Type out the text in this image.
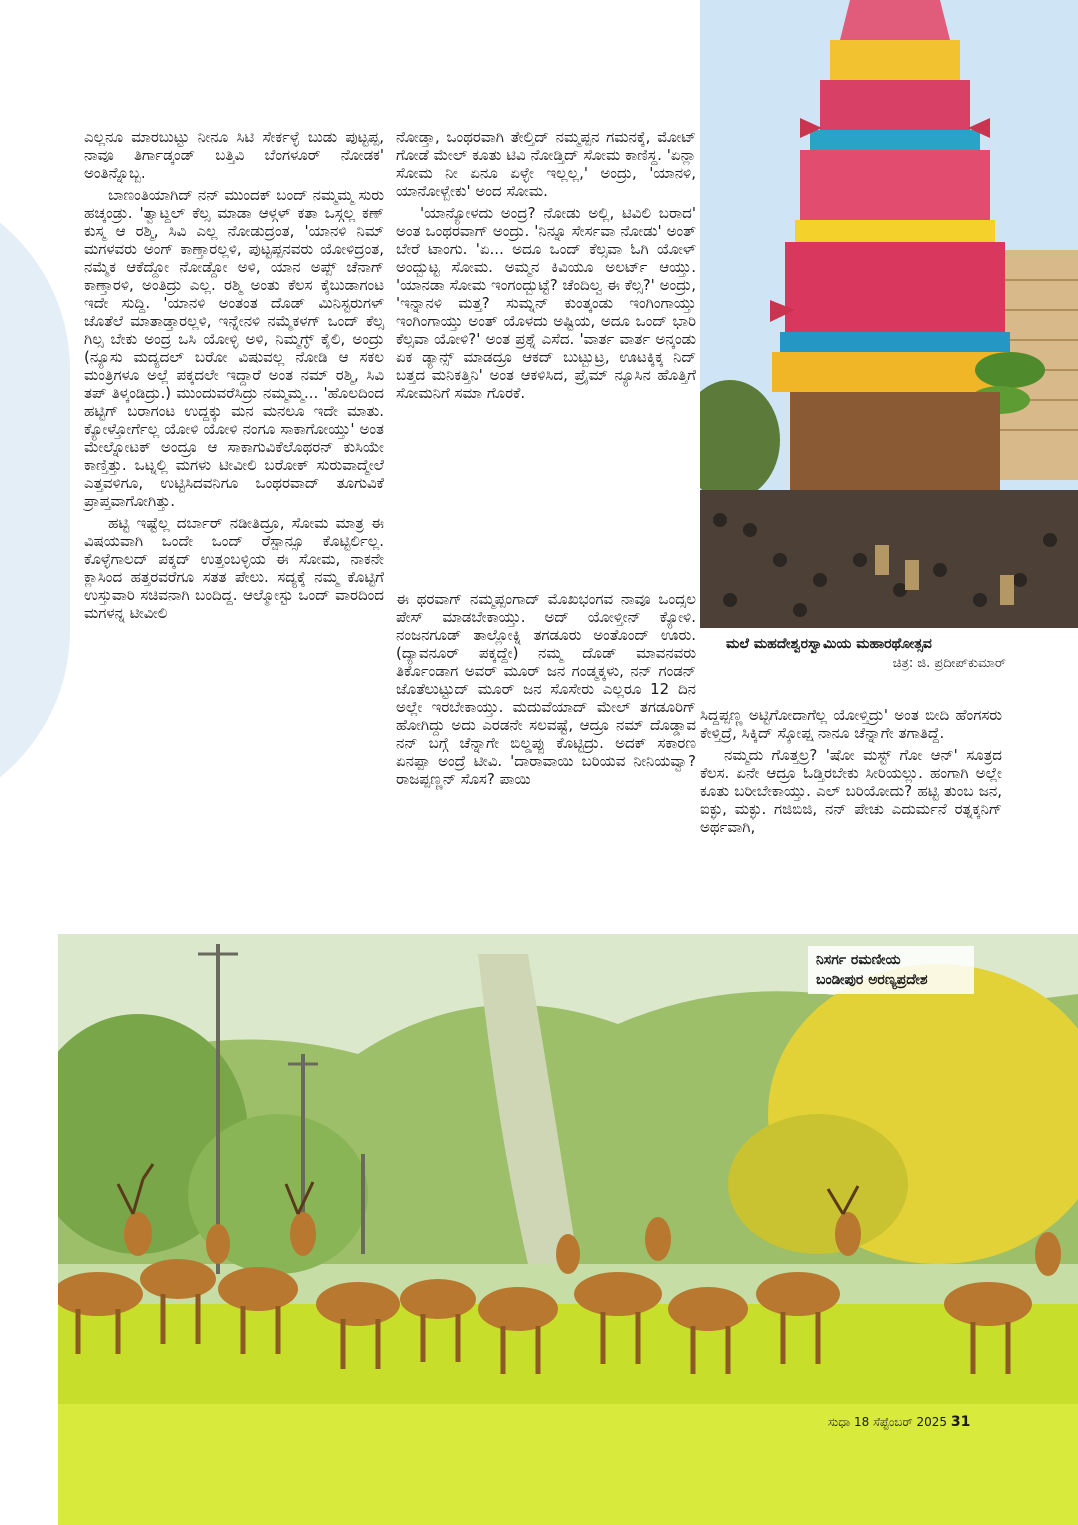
ಎಲ್ಲನೂ ಮಾರಬುಟ್ಟು ನೀನೂ ಸಿಟಿ ಸೇರ್ಕಳ್ಳೆ ಬುಡು ಪುಟ್ಟಪ್ಪ, ನಾವೂ ತಿರ್ಗಾಡ್ಕಂಡ್ ಬತ್ತಿವಿ ಬೆಂಗಳೂರ್ ನೋಡಕ' ಅಂತಿನ್ನೊಬ್ಬ.

ಬಾಣಂತಿಯಾಗಿದ್ ನನ್ ಮುಂದಕ್ ಬಂದ್ ನಮ್ಮಮ್ಮ ಸುರು ಹಚ್ಕಂಡ್ರು. 'ತ್ವಾಟ್ದಲ್ ಕೆಲ್ಸ ಮಾಡಾ ಆಳ್ಗಳ್ ಕತಾ ಒಸ್ಗಲ್ಲ ಕಣ್ ಕುಸ್ಮ ಆ ರಶ್ಮಿ, ಸಿವಿ ಎಲ್ಲ ನೋಡುದ್ರಂತ, 'ಯಾನಳಿ ನಿಮ್ ಮಗಳವರು ಅಂಗ್ ಕಾಣ್ತಾರಲ್ಲಳಿ, ಪುಟ್ಟಪ್ಪನವರು ಯೋಳಿದ್ರಂತ, ನಮ್ಮೆಕ ಆಕೆದ್ದೋ ನೋಡ್ದೋ ಅಳಿ, ಯಾನ ಅಪ್ಪ್ ಚೆನಾಗ್ ಕಾಣ್ತಾರಳಿ, ಅಂತಿದ್ರು ಎಲ್ಲ. ರಶ್ಮಿ ಅಂತು ಕೆಲಸ ಕೈಬುಡಾಗಂಟ ಇದೇ ಸುದ್ದಿ. 'ಯಾನಳಿ ಅಂತಂತ ದೊಡ್ ಮಿನಿಸ್ಟರುಗಳ್ ಜೊತೆಲೆ ಮಾತಾಡ್ತಾರಲ್ಲಳಿ, ಇನ್ನೇನಳಿ ನಮ್ಮೆಕಳಗ್ ಒಂದ್ ಕೆಲ್ಸ ಗಿಲ್ಸ ಬೇಕು ಅಂದ್ರ ಒಸಿ ಯೋಳ್ಳಿ ಅಳಿ, ನಿಮ್ಮಗ್ಳ್ ಕೈಲಿ, ಅಂದ್ರು (ನ್ಯೂಸು ಮದ್ಯದಲ್ ಬರೋ ವಿಷುವಲ್ಲ ನೋಡಿ ಆ ಸಕಲ ಮಂತ್ರಿಗಳೂ ಅಲ್ಲೆ ಪಕ್ಕದಲೇ ಇದ್ದಾರೆ ಅಂತ ನಮ್ ರಶ್ಮಿ, ಸಿವಿ ತಪ್ ತಿಳ್ಕಂಡಿದ್ರು.) ಮುಂದುವರೆಸಿದ್ರು ನಮ್ಮಮ್ಮ... 'ಹೊಲದಿಂದ ಹಟ್ಟಿಗ್ ಬರಾಗಂಟ ಉದ್ದಕ್ಕು ಮನ ಮನಲೂ ಇದೇ ಮಾತು. ಕ್ಯೋಳ್ತೋರ್ಗೆಲ್ಲ ಯೋಳಿ ಯೋಳಿ ನಂಗೂ ಸಾಕಾಗೋಯ್ತು' ಅಂತ ಮೇಲ್ನೋಟಕ್ ಅಂದ್ರೂ ಆ ಸಾಕಾಗುವಿಕೆಲೊಥರನ್ ಕುಸಿಯೇ ಕಾಣ್ತಿತ್ತು. ಒಟ್ನಲ್ಲಿ ಮಗಳು ಟೀವೀಲಿ ಬರೋಕ್ ಸುರುವಾದ್ಮೇಲೆ ಎತ್ತವಳಿಗೂ, ಉಟ್ಟಿಸಿದವನಿಗೂ ಒಂಥರವಾದ್ ತೂಗುವಿಕೆ ಪ್ರಾಪ್ತವಾಗೋಗಿತ್ತು.

ಹಟ್ಟಿ ಇಷ್ಟೆಲ್ಲ ದರ್ಬಾರ್ ನಡೀತಿದ್ರೂ, ಸೋಮ ಮಾತ್ರ ಈ ವಿಷಯವಾಗಿ ಒಂದೇ ಒಂದ್ ರೆಸ್ಪಾನ್ಸೂ ಕೊಟ್ಟಿರ್ಲಿಲ್ಲ. ಕೊಳ್ಳೆಗಾಲದ್ ಪಕ್ಕದ್ ಉತ್ತಂಬಳ್ಳಿಯ ಈ ಸೋಮ, ನಾಕನೇ ಕ್ಲಾಸಿಂದ ಹತ್ತರವರೆಗೂ ಸತತ ಪೇಲು. ಸದ್ಯಕ್ಕೆ ನಮ್ಮ ಕೊಟ್ಟಿಗೆ ಉಸ್ತುವಾರಿ ಸಚಿವನಾಗಿ ಬಂದಿದ್ದ. ಆಲ್ಮೋಸ್ಟು ಒಂದ್ ವಾರದಿಂದ ಮಗಳನ್ನ ಟೀವೀಲಿ

ನೋಡ್ತಾ, ಒಂಥರವಾಗಿ ತೇಲ್ತಿದ್ ನಮ್ಮಪ್ಪನ ಗಮನಕ್ಕೆ, ಮೋಟ್ ಗೋಡೆ ಮೇಲ್ ಕೂತು ಟಿವಿ ನೋಡ್ತಿದ್ ಸೋಮ ಕಾಣಿಸ್ದ. 'ಏನ್ಲಾ ಸೋಮ ನೀ ಏನೂ ಏಳ್ಳೇ ಇಲ್ಲಲ್ಲ,' ಅಂದ್ರು, 'ಯಾನಳಿ, ಯಾನೋಳ್ಬೇಕು' ಅಂದ ಸೋಮ.

'ಯಾನ್ಯೋಳದು ಅಂದ್ರ? ನೋಡು ಅಲ್ಲಿ, ಟಿವಿಲಿ ಬರಾದ' ಅಂತ ಒಂಥರವಾಗ್ ಅಂದ್ರು. 'ನಿನ್ನೂ ಸೇರ್ಸವಾ ನೋಡು' ಅಂತ್ ಬೇರೆ ಟಾಂಗು. 'ಏ... ಅದೂ ಒಂದ್ ಕೆಲ್ಸವಾ ಓಗಿ ಯೋಳ್ ಅಂದ್ಬುಟ್ಟ ಸೋಮ. ಅಮ್ಮನ ಕಿವಿಯೂ ಅಲರ್ಟ್ ಆಯ್ತು. 'ಯಾನಡಾ ಸೋಮ ಇಂಗಂದ್ಬುಟ್ಟೆ? ಚೆಂದಿಲ್ವ ಈ ಕೆಲ್ಸ?' ಅಂದ್ರು, 'ಇನ್ನಾನಳಿ ಮತ್ತ? ಸುಮ್ನನ್ ಕುಂತ್ಕಂಡು ಇಂಗಿಂಗಾಯ್ತು ಇಂಗಿಂಗಾಯ್ತು ಅಂತ್ ಯೊಳದು ಅಷ್ಟಿಯ, ಅದೂ ಒಂದ್ ಭಾರಿ ಕೆಲ್ಸವಾ ಯೋಳಿ?' ಅಂತ ಪ್ರಶ್ನೆ ಎಸೆದ. 'ವಾರ್ತ ವಾರ್ತ ಅನ್ಕಂಡು ಏಕ ಡ್ಯಾನ್ಸ್ ಮಾಡದ್ರೂ ಆಕದ್ ಬುಟ್ಬುಟ್ರ, ಊಟಕ್ಕಿಕ್ಕ ನಿದ್ ಬತ್ತದ ಮನಿಕತ್ತಿನಿ' ಅಂತ ಆಕಳಿಸಿದ, ಪ್ರೈಮ್ ನ್ಯೂಸಿನ ಹೊತ್ತಿಗೆ ಸೋಮನಿಗೆ ಸಮಾ ಗೊರಕೆ.

ಈ ಥರವಾಗ್ ನಮ್ಮಪ್ಪಂಗಾದ್ ಮೊಖಭಂಗವ ನಾವೂ ಒಂದ್ಸಲ ಪೇಸ್ ಮಾಡಬೇಕಾಯ್ತು. ಅದ್ ಯೋಳ್ತೀನ್ ಕ್ಯೋಳಿ. ನಂಜನಗೂಡ್ ತಾಲ್ಲೋಕ್ನಿ ತಗಡೂರು ಅಂತೊಂದ್ ಊರು. (ದ್ಯಾವನೂರ್ ಪಕ್ಕದ್ದೇ) ನಮ್ಮ ದೊಡ್ ಮಾವನವರು ತಿರ್ಕೊಂಡಾಗ ಅವರ್ ಮೂರ್ ಜನ ಗಂಡ್ಮಕ್ಕಳು, ನನ್ ಗಂಡನ್ ಜೊತೆಲುಟ್ಟುದ್ ಮೂರ್ ಜನ ಸೊಸೇರು ಎಲ್ಲರೂ 12 ದಿನ ಅಲ್ಲೇ ಇರಬೇಕಾಯ್ತು. ಮದುವೆಯಾದ್ ಮೇಲ್ ತಗಡೂರಿಗ್ ಹೋಗಿದ್ದು ಅದು ಎರಡನೇ ಸಲವಷ್ಟೆ, ಆದ್ರೂ ನಮ್ ದೊಡ್ಡಾವ ನನ್ ಬಗ್ಗೆ ಚೆನ್ನಾಗೇ ಬಿಲ್ಡಪ್ಪು ಕೊಟ್ಟಿದ್ರು. ಅದಕ್ ಸಕಾರಣ ಏನಪ್ಪಾ ಅಂದ್ರೆ ಟೀವಿ. 'ದಾರಾವಾಯಿ ಬರಿಯವ ನೀನಿಯವ್ವಾ? ರಾಜಪ್ಪಣ್ಣನ್ ಸೊಸ? ಪಾಯಿ

ಸಿದ್ದಪ್ಪಣ್ಣ ಅಟ್ಟಿಗೋದಾಗೆಲ್ಲ ಯೋಳ್ತಿದ್ರು' ಅಂತ ಬೀದಿ ಹೆಂಗಸರು ಕೇಳ್ತಿದ್ರೆ, ಸಿಕ್ಕಿದ್ ಸ್ಕೋಪ್ಷ ನಾನೂ ಚೆನ್ನಾಗೇ ತಗಾತಿದ್ದೆ.

ನಮ್ಮದು ಗೊತ್ತಲ್ರ? 'ಷೋ ಮಸ್ಟ್ ಗೋ ಆನ್' ಸೂತ್ರದ ಕೆಲಸ. ಏನೇ ಆದ್ರೂ ಓಡ್ತಿರಬೇಕು ಸೀರಿಯಲ್ಲು. ಹಂಗಾಗಿ ಅಲ್ಲೇ ಕೂತು ಬರೀಬೇಕಾಯ್ತು. ಎಲ್ ಬರಿಯೋದು? ಹಟ್ಟಿ ತುಂಬ ಜನ, ಐಕ್ಳು, ಮಕ್ಳು. ಗಜಿಬಿಜಿ, ನನ್ ಪೇಚು ಎದುರ್ಮನೆ ರತ್ನಕ್ಕನಿಗ್ ಅರ್ಥವಾಗಿ,

ಮಲೆ ಮಹದೇಶ್ವರಸ್ವಾಮಿಯ ಮಹಾರಥೋತ್ಸವ
ಚಿತ್ರ: ಜಿ. ಪ್ರದೀಪ್‌ಕುಮಾರ್
ನಿಸರ್ಗ ರಮಣೀಯ
ಬಂಡೀಪುರ ಅರಣ್ಯಪ್ರದೇಶ
ಸುಧಾ 18 ಸೆಪ್ಟೆಂಬರ್ 2025 31
